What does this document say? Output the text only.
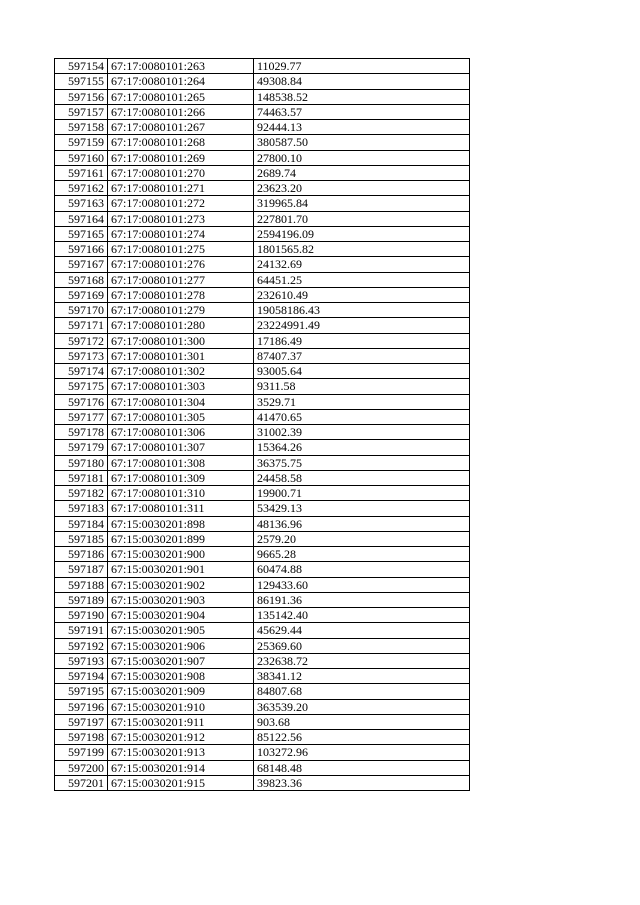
597154	67:17:0080101:263	11029.77
597155	67:17:0080101:264	49308.84
597156	67:17:0080101:265	148538.52
597157	67:17:0080101:266	74463.57
597158	67:17:0080101:267	92444.13
597159	67:17:0080101:268	380587.50
597160	67:17:0080101:269	27800.10
597161	67:17:0080101:270	2689.74
597162	67:17:0080101:271	23623.20
597163	67:17:0080101:272	319965.84
597164	67:17:0080101:273	227801.70
597165	67:17:0080101:274	2594196.09
597166	67:17:0080101:275	1801565.82
597167	67:17:0080101:276	24132.69
597168	67:17:0080101:277	64451.25
597169	67:17:0080101:278	232610.49
597170	67:17:0080101:279	19058186.43
597171	67:17:0080101:280	23224991.49
597172	67:17:0080101:300	17186.49
597173	67:17:0080101:301	87407.37
597174	67:17:0080101:302	93005.64
597175	67:17:0080101:303	9311.58
597176	67:17:0080101:304	3529.71
597177	67:17:0080101:305	41470.65
597178	67:17:0080101:306	31002.39
597179	67:17:0080101:307	15364.26
597180	67:17:0080101:308	36375.75
597181	67:17:0080101:309	24458.58
597182	67:17:0080101:310	19900.71
597183	67:17:0080101:311	53429.13
597184	67:15:0030201:898	48136.96
597185	67:15:0030201:899	2579.20
597186	67:15:0030201:900	9665.28
597187	67:15:0030201:901	60474.88
597188	67:15:0030201:902	129433.60
597189	67:15:0030201:903	86191.36
597190	67:15:0030201:904	135142.40
597191	67:15:0030201:905	45629.44
597192	67:15:0030201:906	25369.60
597193	67:15:0030201:907	232638.72
597194	67:15:0030201:908	38341.12
597195	67:15:0030201:909	84807.68
597196	67:15:0030201:910	363539.20
597197	67:15:0030201:911	903.68
597198	67:15:0030201:912	85122.56
597199	67:15:0030201:913	103272.96
597200	67:15:0030201:914	68148.48
597201	67:15:0030201:915	39823.36
